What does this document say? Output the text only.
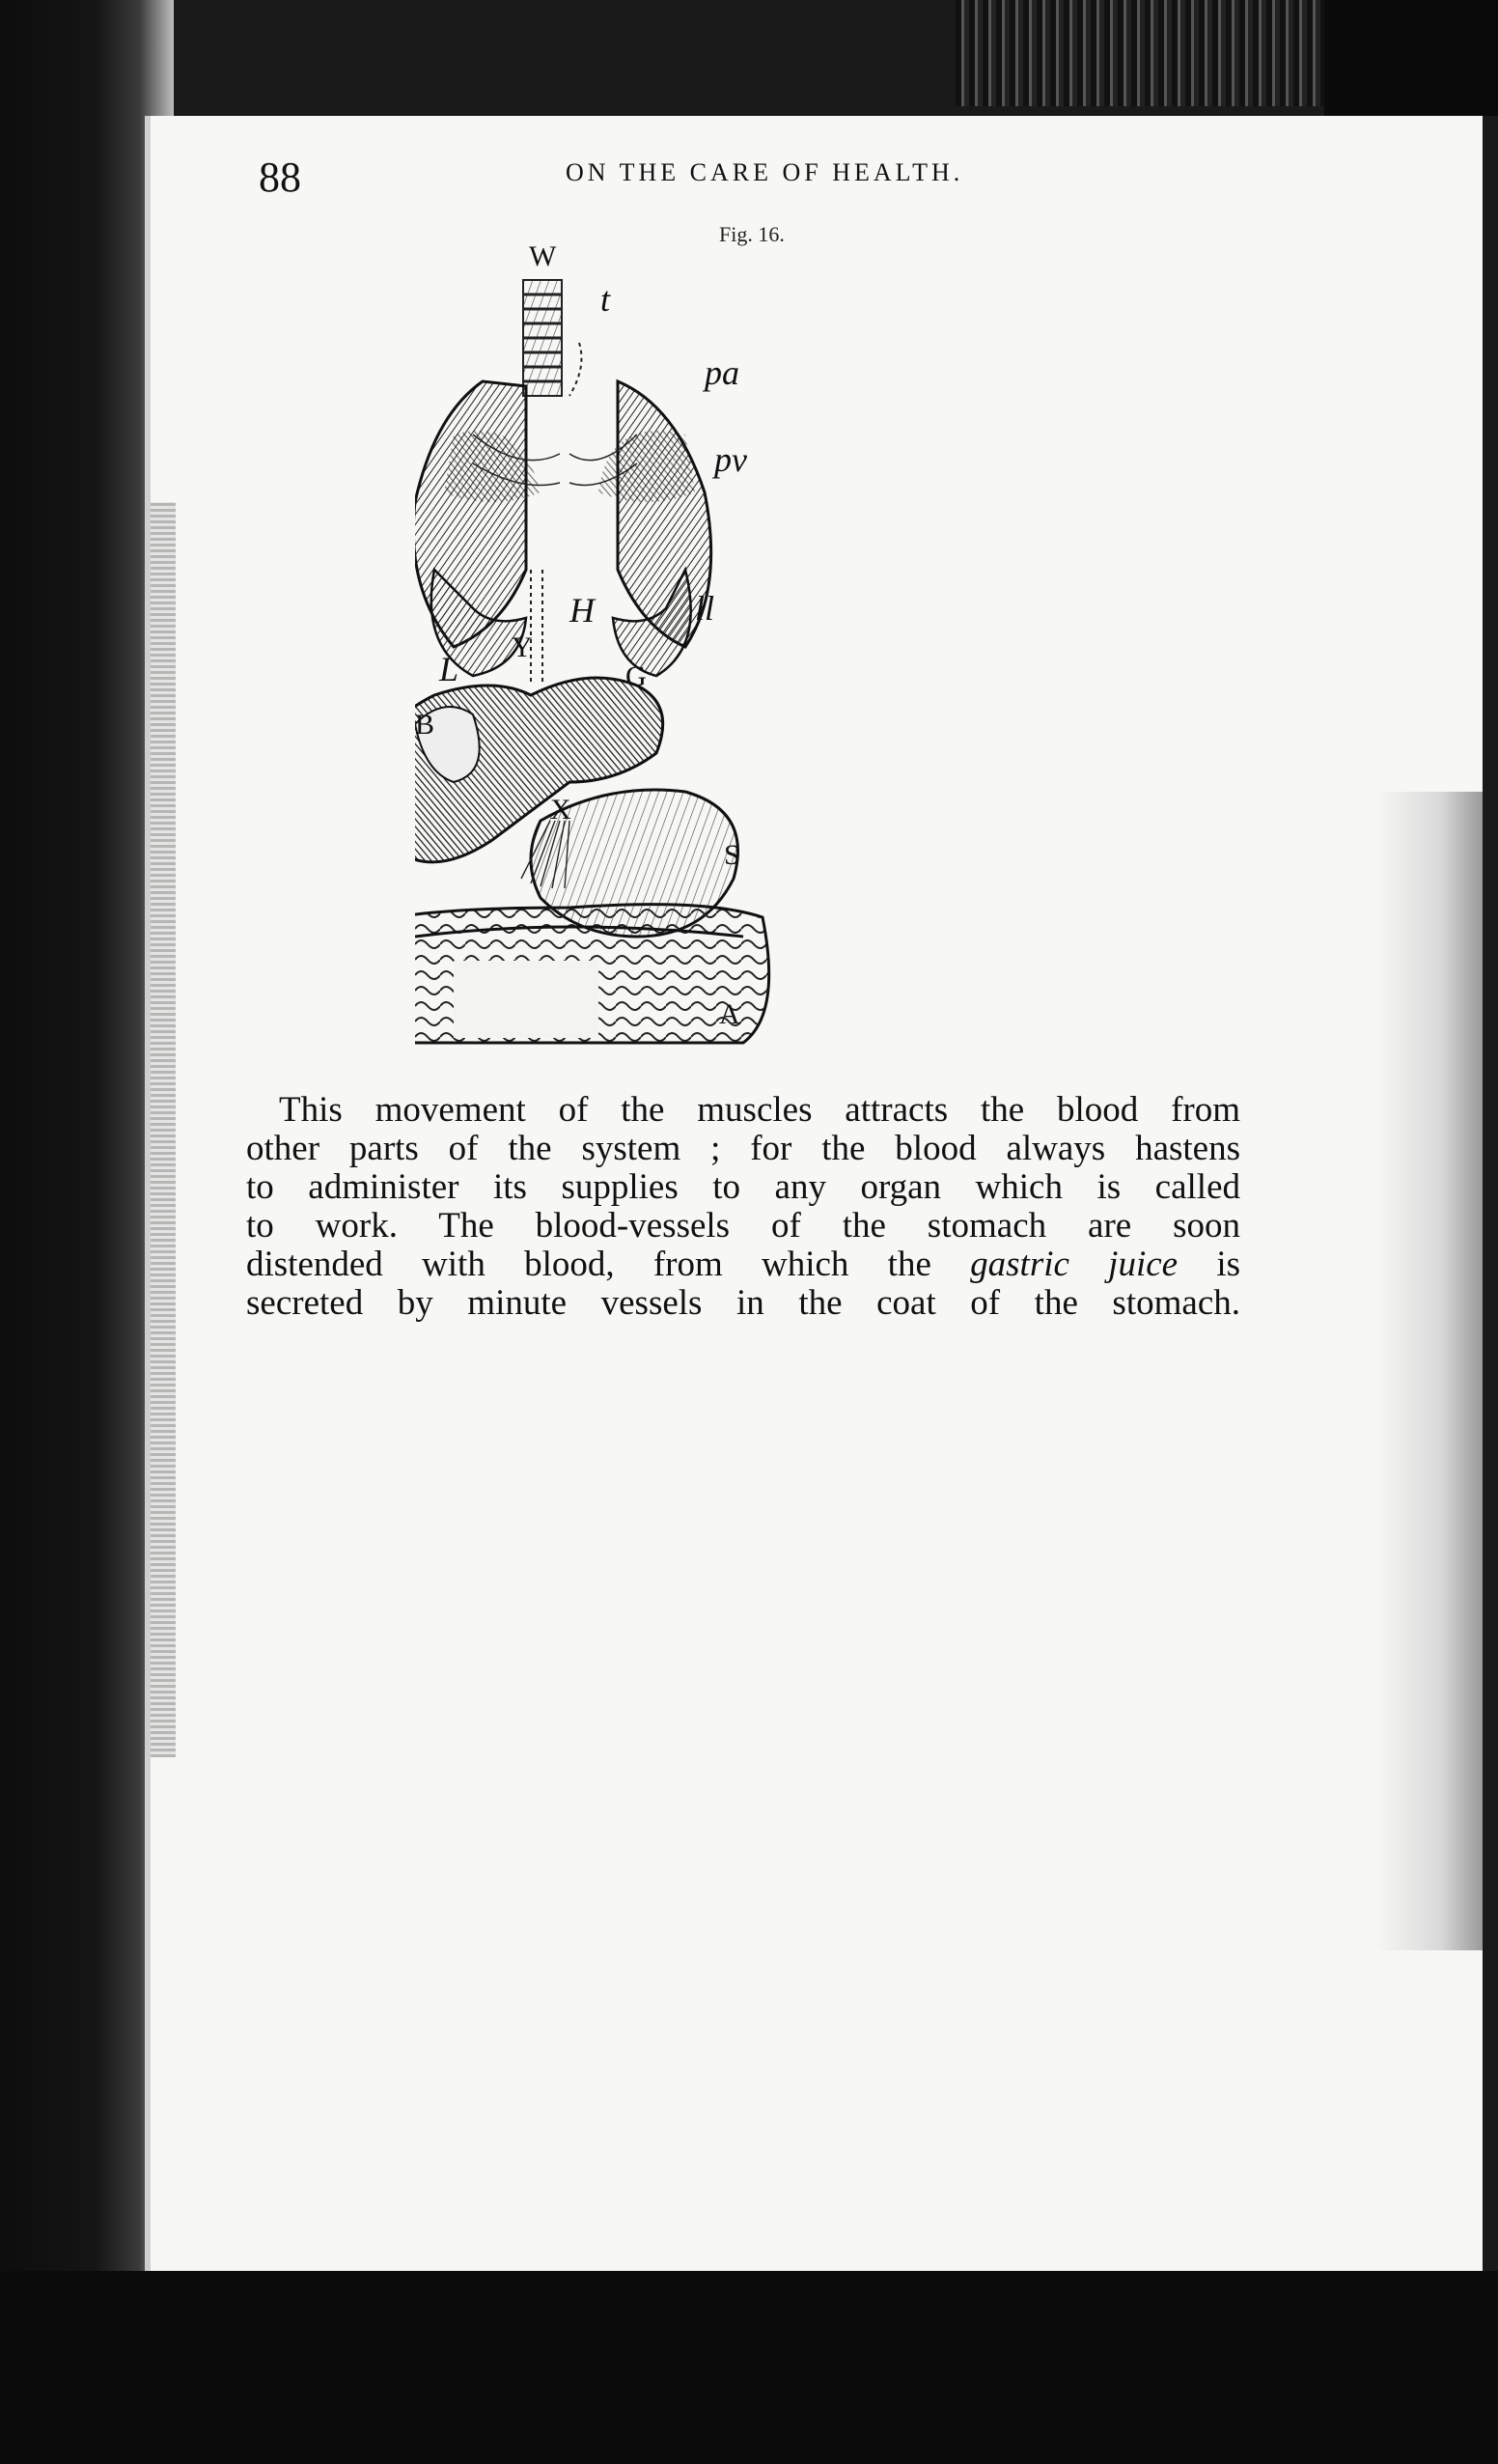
88	ON THE CARE OF HEALTH.
Fig. 16.
W
t
pa
pv
H	ll
Y
L	G
B
X
S
A
This movement of the muscles attracts the blood from
other parts of the system ; for the blood always hastens
to administer its supplies to any organ which is called
to work. The blood-vessels of the stomach are soon
distended with blood, from which the gastric juice is
secreted by minute vessels in the coat of the stomach.
